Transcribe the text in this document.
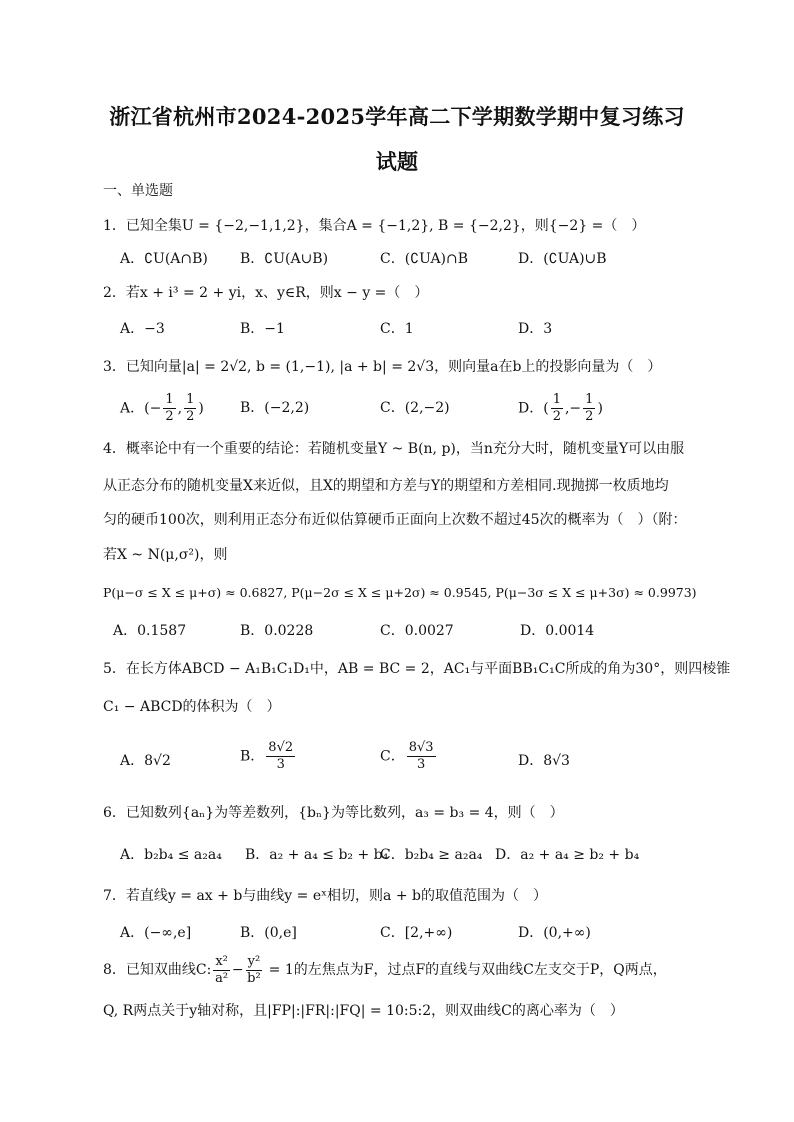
浙江省杭州市2024-2025学年高二下学期数学期中复习练习
试题
一、单选题
1．已知全集U = {−2,−1,1,2}，集合A = {−1,2}, B = {−2,2}，则{−2} =（　）
A．∁U(A∩B) B．∁U(A∪B)	C．(∁UA)∩B	D．(∁UA)∪B
2．若x + i³ = 2 + yi，x、y∈R，则x − y =（　）
A．−3	B．−1	C．1	D．3
3．已知向量|a| = 2√2, b = (1,−1), |a + b| = 2√3，则向量a在b上的投影向量为（　）
A．(− $\frac{1}{2}$ , $\frac{1}{2}$ )	B．(−2,2)	C．(2,−2)	D．( $\frac{1}{2}$ ,− $\frac{1}{2}$ )
4．概率论中有一个重要的结论：若随机变量Y ~ B(n, p)，当n充分大时，随机变量Y可以由服
从正态分布的随机变量X来近似，且X的期望和方差与Y的期望和方差相同.现抛掷一枚质地均
匀的硬币100次，则利用正态分布近似估算硬币正面向上次数不超过45次的概率为（　）（附：
若X ~ N(μ,σ²)，则
P(μ−σ ≤ X ≤ μ+σ) ≈ 0.6827, P(μ−2σ ≤ X ≤ μ+2σ) ≈ 0.9545, P(μ−3σ ≤ X ≤ μ+3σ) ≈ 0.9973)
A．0.1587	B．0.0228	C．0.0027	D．0.0014
5．在长方体ABCD − A₁B₁C₁D₁中，AB = BC = 2，AC₁与平面BB₁C₁C所成的角为30°，则四棱锥
C₁ − ABCD的体积为（　）
A．8√2	B． $\frac{8√2}{3}$	C． $\frac{8√3}{3}$	D．8√3
6．已知数列{aₙ}为等差数列，{bₙ}为等比数列，a₃ = b₃ = 4，则（　）
A．b₂b₄ ≤ a₂a₄ B．a₂ + a₄ ≤ b₂ + b₄
C．b₂b₄ ≥ a₂a₄ D．a₂ + a₄ ≥ b₂ + b₄
7．若直线y = ax + b与曲线y = eˣ相切，则a + b的取值范围为（　）
A．(−∞,e]	B．(0,e]	C．[2,+∞)	D．(0,+∞)
8．已知双曲线C: $\frac{\text{x²}}{\text{a²}} - \frac{\text{y²}}{\text{b²}} = 1$的左焦点为F，过点F的直线与双曲线C左支交于P，Q两点，
Q, R两点关于y轴对称，且|FP|:|FR|:|FQ| = 10:5:2，则双曲线C的离心率为（　）
